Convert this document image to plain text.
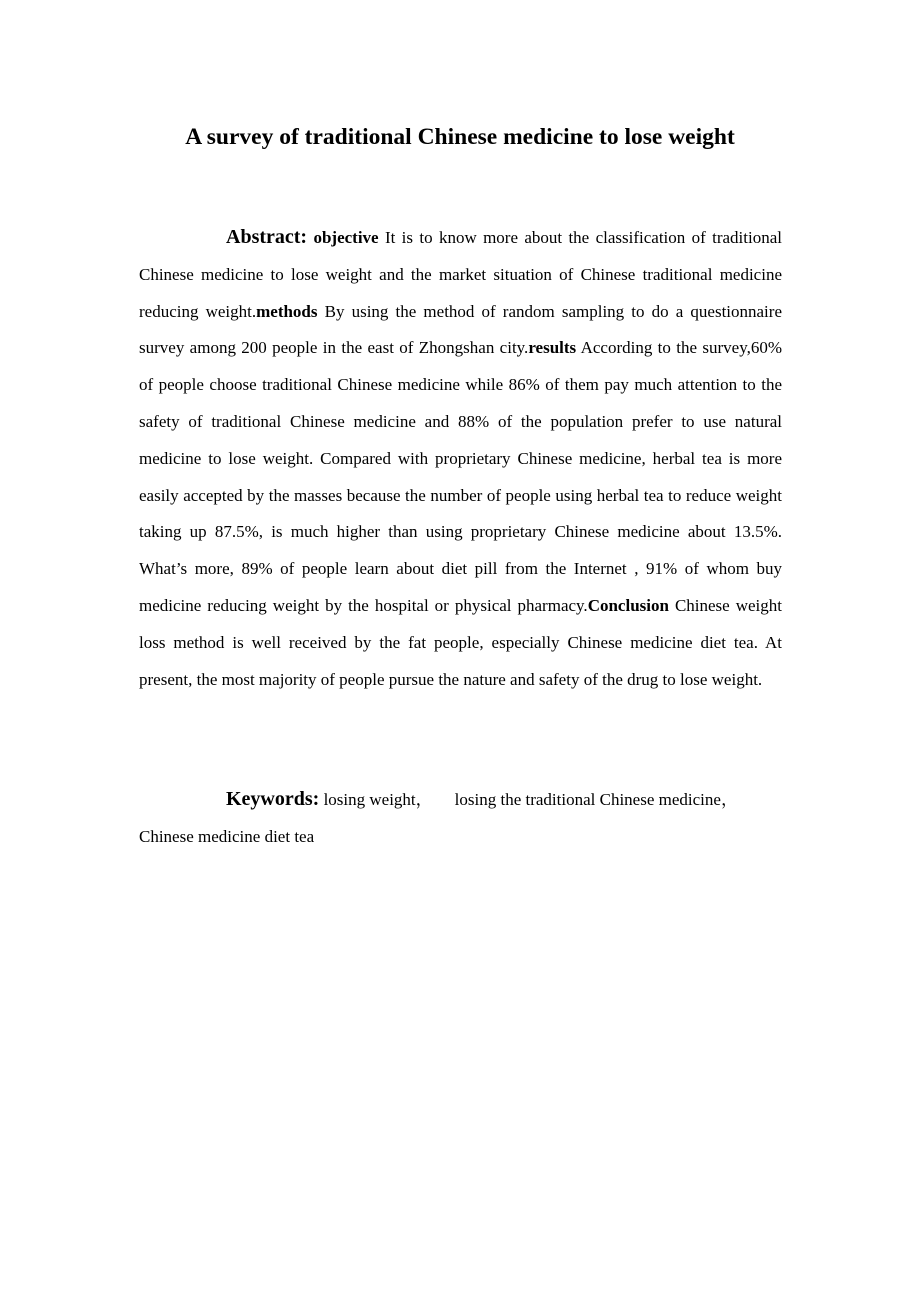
A survey of traditional Chinese medicine to lose weight

Abstract: objective It is to know more about the classification of traditional Chinese medicine to lose weight and the market situation of Chinese traditional medicine reducing weight.methods By using the method of random sampling to do a questionnaire survey among 200 people in the east of Zhongshan city.results According to the survey,60% of people choose traditional Chinese medicine while 86% of them pay much attention to the safety of traditional Chinese medicine and 88% of the population prefer to use natural medicine to lose weight. Compared with proprietary Chinese medicine, herbal tea is more easily accepted by the masses because the number of people using herbal tea to reduce weight taking up 87.5%, is much higher than using proprietary Chinese medicine about 13.5%. What’s more, 89% of people learn about diet pill from the Internet , 91% of whom buy medicine reducing weight by the hospital or physical pharmacy.Conclusion Chinese weight loss method is well received by the fat people, especially Chinese medicine diet tea. At present, the most majority of people pursue the nature and safety of the drug to lose weight.

Keywords: losing weight， losing the traditional Chinese medicine，
Chinese medicine diet tea
